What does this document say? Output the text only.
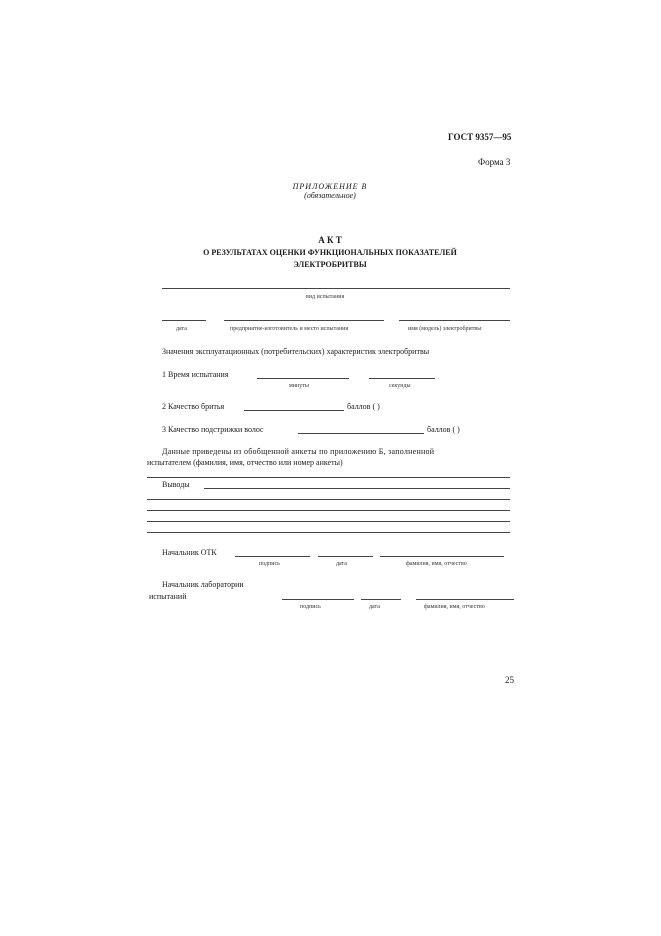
ГОСТ 9357—95
Форма 3
ПРИЛОЖЕНИЕ В
(обязательное)
А К Т
О РЕЗУЛЬТАТАХ ОЦЕНКИ ФУНКЦИОНАЛЬНЫХ ПОКАЗАТЕЛЕЙ
ЭЛЕКТРОБРИТВЫ
вид испытания
дата	предприятие-изготовитель и место испытания	имя (модель) электробритвы
Значения эксплуатационных (потребительских) характеристик электробритвы
1 Время испытания
минуты	секунды
2 Качество бритья	баллов ( )
3 Качество подстрижки волос	баллов ( )
Данные приведены из обобщенной анкеты по приложению Б, заполненной
испытателем (фамилия, имя, отчество или номер анкеты)
Выводы
Начальник ОТК
подпись	дата	фамилия, имя, отчество
Начальник лаборатории
испытаний
подпись	дата	фамилия, имя, отчество
25
